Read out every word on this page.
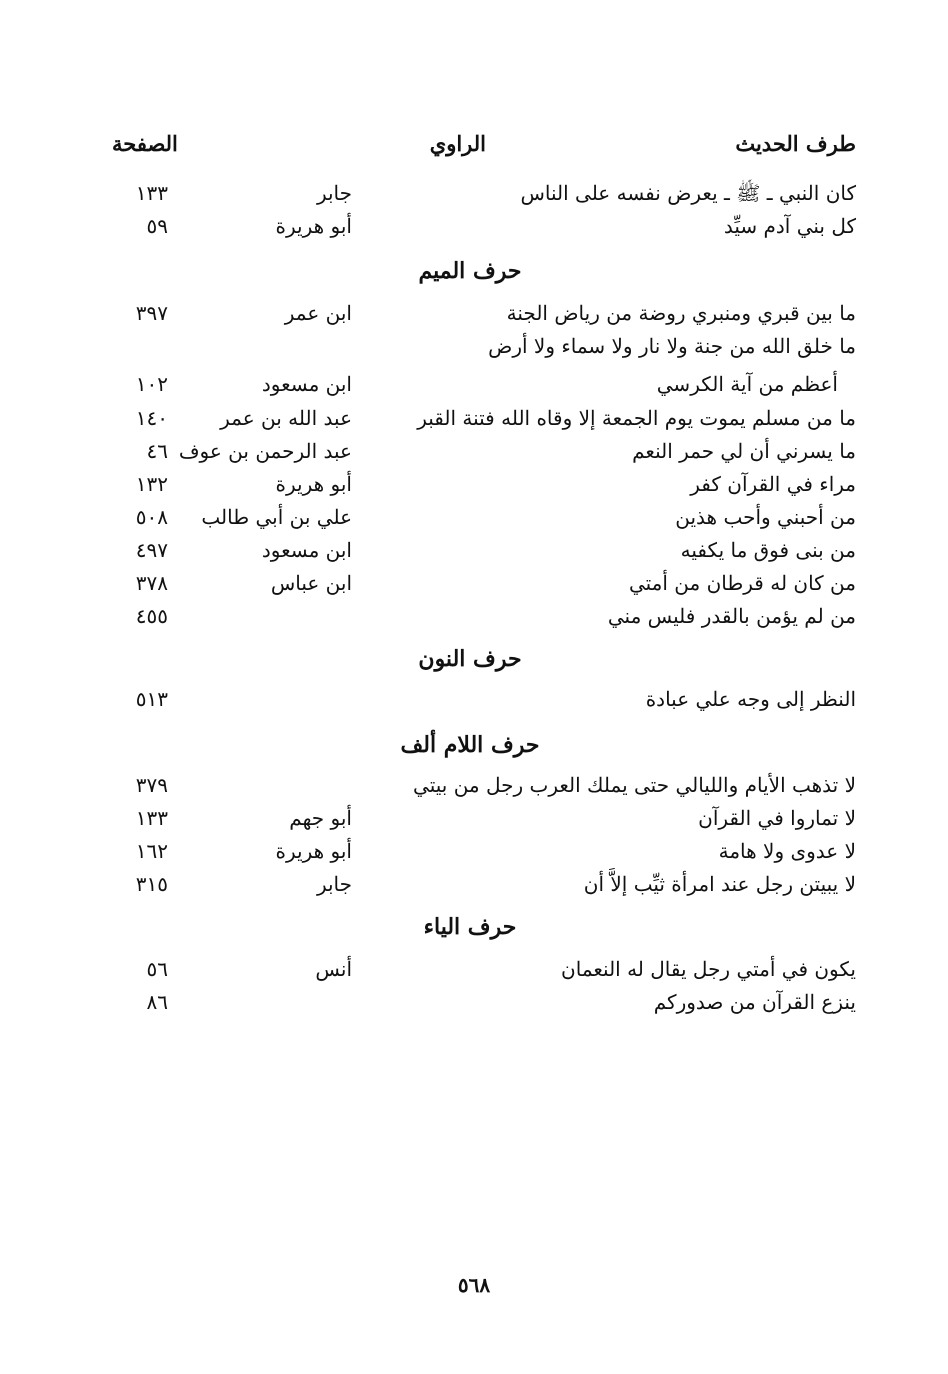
طرف الحديث
الراوي
الصفحة
كان النبي ـ ﷺ ـ يعرض نفسه على الناس
جابر
١٣٣
كل بني آدم سيِّد
أبو هريرة
٥٩
حرف الميم
ما بين قبري ومنبري روضة من رياض الجنة
ابن عمر
٣٩٧
ما خلق الله من جنة ولا نار ولا سماء ولا أرض
أعظم من آية الكرسي
ابن مسعود
١٠٢
ما من مسلم يموت يوم الجمعة إلا وقاه الله فتنة القبر
عبد الله بن عمر
١٤٠
ما يسرني أن لي حمر النعم
عبد الرحمن بن عوف
٤٦
مراء في القرآن كفر
أبو هريرة
١٣٢
من أحبني وأحب هذين
علي بن أبي طالب
٥٠٨
من بنى فوق ما يكفيه
ابن مسعود
٤٩٧
من كان له قرطان من أمتي
ابن عباس
٣٧٨
من لم يؤمن بالقدر فليس مني
٤٥٥
حرف النون
النظر إلى وجه علي عبادة
٥١٣
حرف اللام ألف
لا تذهب الأيام والليالي حتى يملك العرب رجل من بيتي
٣٧٩
لا تماروا في القرآن
أبو جهم
١٣٣
لا عدوى ولا هامة
أبو هريرة
١٦٢
لا يبيتن رجل عند امرأة ثيِّب إلاَّ أن
جابر
٣١٥
حرف الياء
يكون في أمتي رجل يقال له النعمان
أنس
٥٦
ينزع القرآن من صدوركم
٨٦
٥٦٨
